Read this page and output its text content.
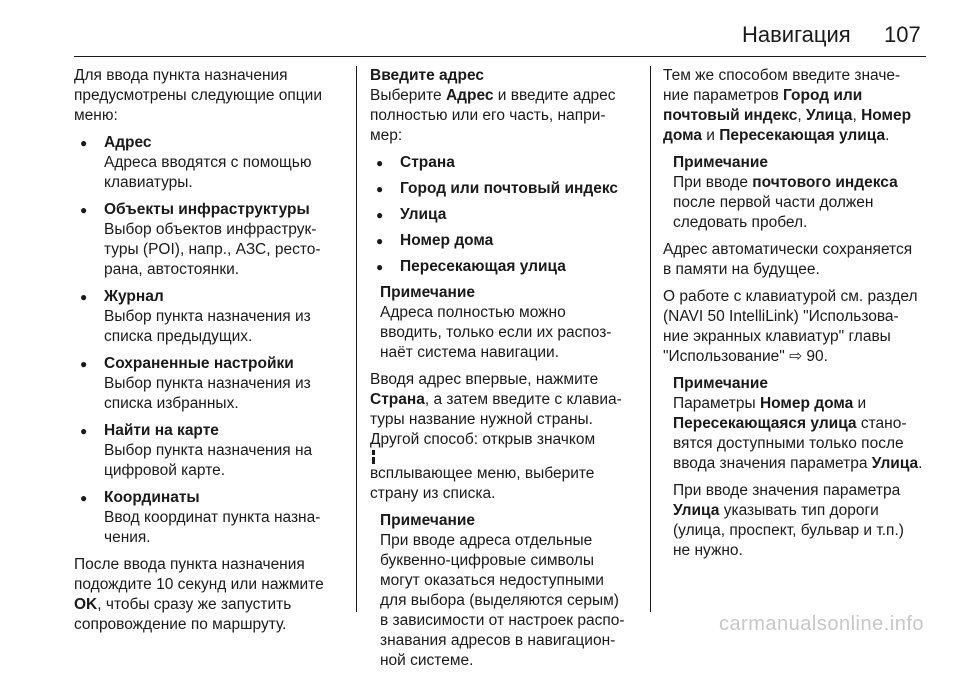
Навигация 107

Для ввода пункта назначения
предусмотрены следующие опции
меню:

● Адрес

Адреса вводятся с помощью
клавиатуры.

● Объекты инфраструктуры

Выбор объектов инфраструк-
туры (POI), напр., АЗС, ресто-
рана, автостоянки.

● Журнал

Выбор пункта назначения из
списка предыдущих.

● Сохраненные настройки

Выбор пункта назначения из
списка избранных.

● Найти на карте

Выбор пункта назначения на
цифровой карте.

● Координаты

Ввод координат пункта назна-
чения.

После ввода пункта назначения
подождите 10 секунд или нажмите
OK, чтобы сразу же запустить
сопровождение по маршруту.

Введите адрес
Выберите Адрес и введите адрес
полностью или его часть, напри-
мер:

● Страна

● Город или почтовый индекс

● Улица

● Номер дома

● Пересекающая улица

Примечание
Адреса полностью можно
вводить, только если их распоз-
наёт система навигации.

Вводя адрес впервые, нажмите
Страна, а затем введите с клавиа-
туры название нужной страны.
Другой способ: открыв значком
всплывающее меню, выберите
страну из списка.

Примечание
При вводе адреса отдельные
буквенно-цифровые символы
могут оказаться недоступными
для выбора (выделяются серым)
в зависимости от настроек распо-
знавания адресов в навигацион-
ной системе.

Тем же способом введите значе-
ние параметров Город или
почтовый индекс, Улица, Номер
дома и Пересекающая улица.

Примечание
При вводе почтового индекса
после первой части должен
следовать пробел.

Адрес автоматически сохраняется
в памяти на будущее.

О работе с клавиатурой см. раздел
(NAVI 50 IntelliLink) "Использова-
ние экранных клавиатур" главы
"Использование" ⇨ 90.

Примечание
Параметры Номер дома и
Пересекающаяся улица стано-
вятся доступными только после
ввода значения параметра Улица.

При вводе значения параметра
Улица указывать тип дороги
(улица, проспект, бульвар и т.п.)
не нужно.

carmanualsonline.info
